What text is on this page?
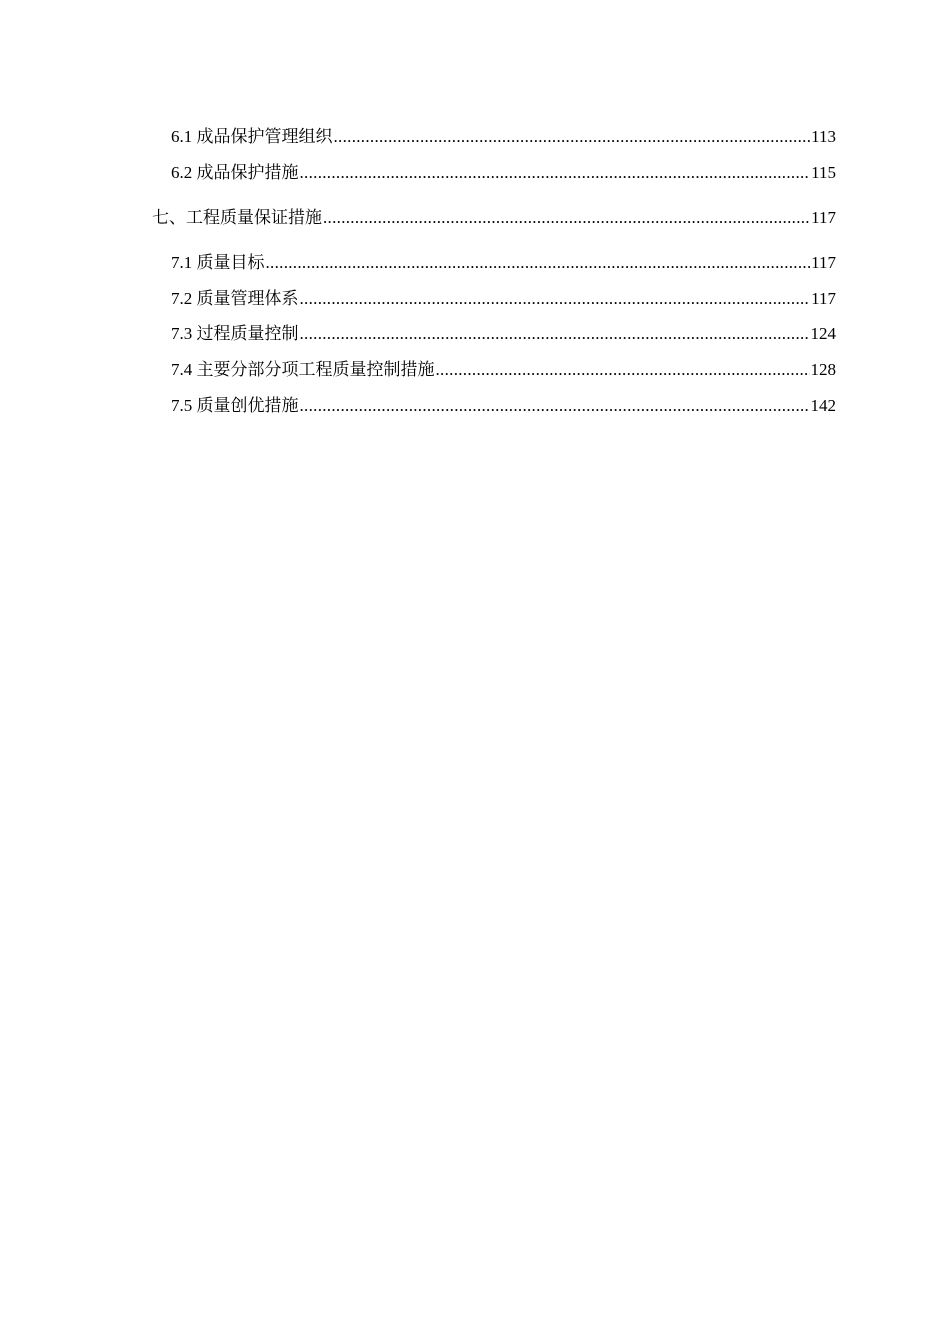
6.1 成品保护管理组织 .....	113
6.2 成品保护措施 .....	115
七、工程质量保证措施 .....	117
7.1 质量目标 .....	117
7.2 质量管理体系 .....	117
7.3 过程质量控制 .....	124
7.4 主要分部分项工程质量控制措施 .....	128
7.5 质量创优措施 .....	142
